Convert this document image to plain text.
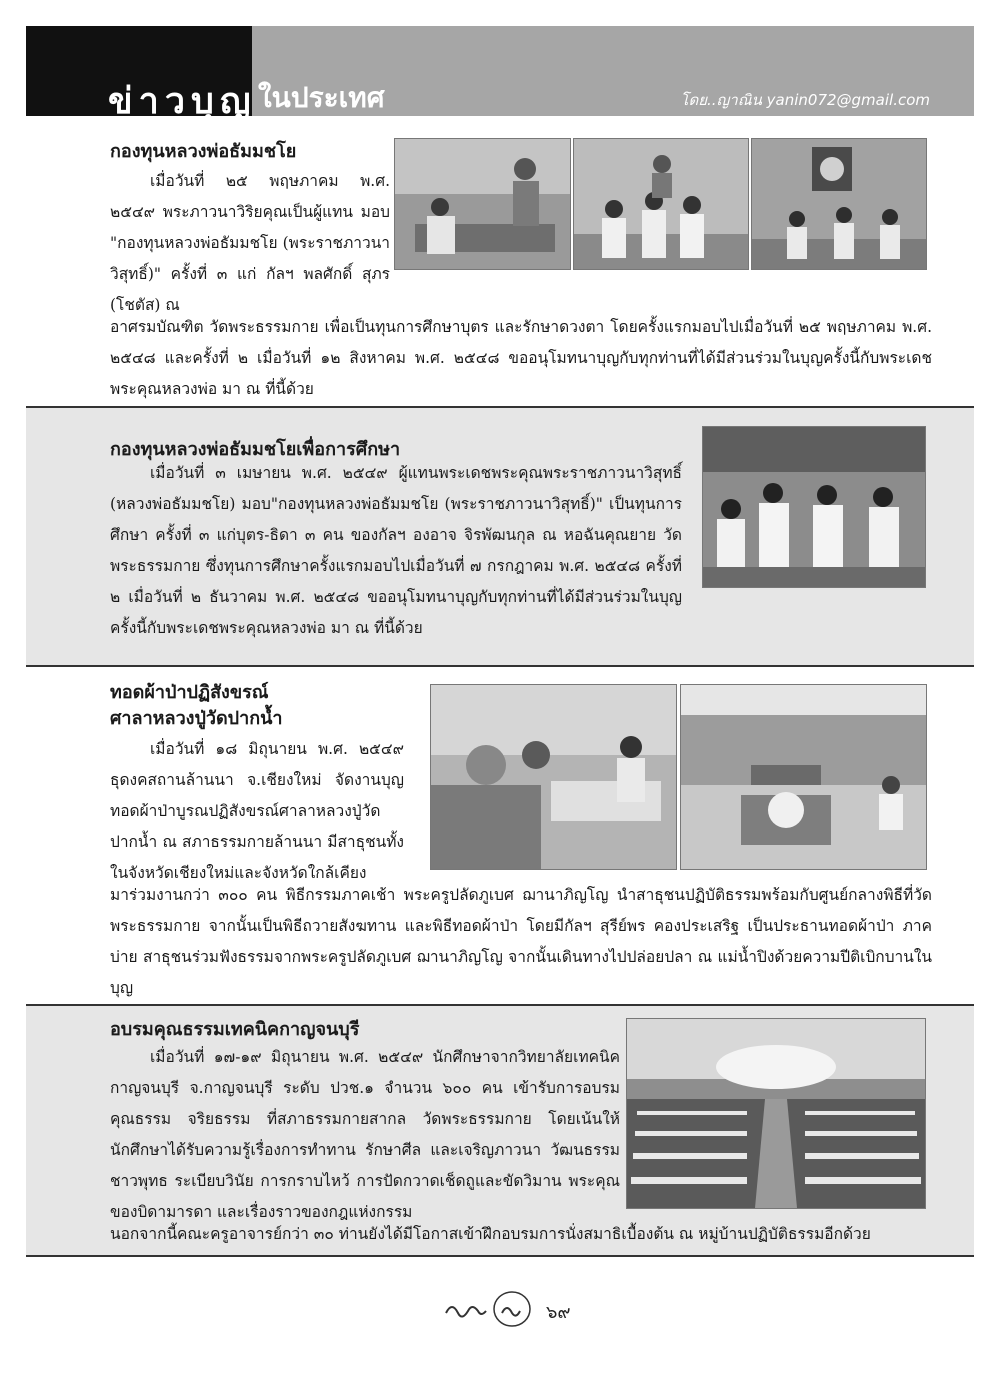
ข่าวบุญ ในประเทศ	โดย..ญาณิน yanin072@gmail.com
กองทุนหลวงพ่อธัมมชโย

เมื่อวันที่ ๒๕ พฤษภาคม พ.ศ. ๒๕๔๙ พระภาวนาวิริยคุณเป็นผู้แทน มอบ "กองทุนหลวงพ่อธัมมชโย (พระราชภาวนาวิสุทธิ์)" ครั้งที่ ๓ แก่ กัลฯ พลศักดิ์ สุภร (โชตัส) ณ

อาศรมบัณฑิต วัดพระธรรมกาย เพื่อเป็นทุนการศึกษาบุตร และรักษาดวงตา โดยครั้งแรกมอบไปเมื่อวันที่ ๒๕ พฤษภาคม พ.ศ. ๒๕๔๘ และครั้งที่ ๒ เมื่อวันที่ ๑๒ สิงหาคม พ.ศ. ๒๕๔๘ ขออนุโมทนาบุญกับทุกท่านที่ได้มีส่วนร่วมในบุญครั้งนี้กับพระเดชพระคุณหลวงพ่อ มา ณ ที่นี้ด้วย

กองทุนหลวงพ่อธัมมชโยเพื่อการศึกษา

เมื่อวันที่ ๓ เมษายน พ.ศ. ๒๕๔๙ ผู้แทนพระเดชพระคุณพระราชภาวนาวิสุทธิ์ (หลวงพ่อธัมมชโย) มอบ"กองทุนหลวงพ่อธัมมชโย (พระราชภาวนาวิสุทธิ์)" เป็นทุนการศึกษา ครั้งที่ ๓ แก่บุตร-ธิดา ๓ คน ของกัลฯ องอาจ จิรพัฒนกุล ณ หอฉันคุณยาย วัดพระธรรมกาย ซึ่งทุนการศึกษาครั้งแรกมอบไปเมื่อวันที่ ๗ กรกฎาคม พ.ศ. ๒๕๔๘ ครั้งที่ ๒ เมื่อวันที่ ๒ ธันวาคม พ.ศ. ๒๕๔๘ ขออนุโมทนาบุญกับทุกท่านที่ได้มีส่วนร่วมในบุญครั้งนี้กับพระเดชพระคุณหลวงพ่อ มา ณ ที่นี้ด้วย

ทอดผ้าป่าปฏิสังขรณ์
ศาลาหลวงปู่วัดปากน้ำ

เมื่อวันที่ ๑๘ มิถุนายน พ.ศ. ๒๕๔๙ ธุดงคสถานล้านนา จ.เชียงใหม่ จัดงานบุญทอดผ้าป่าบูรณปฏิสังขรณ์ศาลาหลวงปู่วัดปากน้ำ ณ สภาธรรมกายล้านนา มีสาธุชนทั้งในจังหวัดเชียงใหม่และจังหวัดใกล้เคียง

มาร่วมงานกว่า ๓๐๐ คน พิธีกรรมภาคเช้า พระครูปลัดภูเบศ ฌานาภิญโญ นำสาธุชนปฏิบัติธรรมพร้อมกับศูนย์กลางพิธีที่วัดพระธรรมกาย จากนั้นเป็นพิธีถวายสังฆทาน และพิธีทอดผ้าป่า โดยมีกัลฯ สุรีย์พร คองประเสริฐ เป็นประธานทอดผ้าป่า ภาคบ่าย สาธุชนร่วมฟังธรรมจากพระครูปลัดภูเบศ ฌานาภิญโญ จากนั้นเดินทางไปปล่อยปลา ณ แม่น้ำปิงด้วยความปีติเบิกบานในบุญ

อบรมคุณธรรมเทคนิคกาญจนบุรี

เมื่อวันที่ ๑๗-๑๙ มิถุนายน พ.ศ. ๒๕๔๙ นักศึกษาจากวิทยาลัยเทคนิคกาญจนบุรี จ.กาญจนบุรี ระดับ ปวช.๑ จำนวน ๖๐๐ คน เข้ารับการอบรมคุณธรรม จริยธรรม ที่สภาธรรมกายสากล วัดพระธรรมกาย โดยเน้นให้นักศึกษาได้รับความรู้เรื่องการทำทาน รักษาศีล และเจริญภาวนา วัฒนธรรมชาวพุทธ ระเบียบวินัย การกราบไหว้ การปัดกวาดเช็ดถูและขัดวิมาน พระคุณของบิดามารดา และเรื่องราวของกฎแห่งกรรม

นอกจากนี้คณะครูอาจารย์กว่า ๓๐ ท่านยังได้มีโอกาสเข้าฝึกอบรมการนั่งสมาธิเบื้องต้น ณ หมู่บ้านปฏิบัติธรรมอีกด้วย

๖๙
